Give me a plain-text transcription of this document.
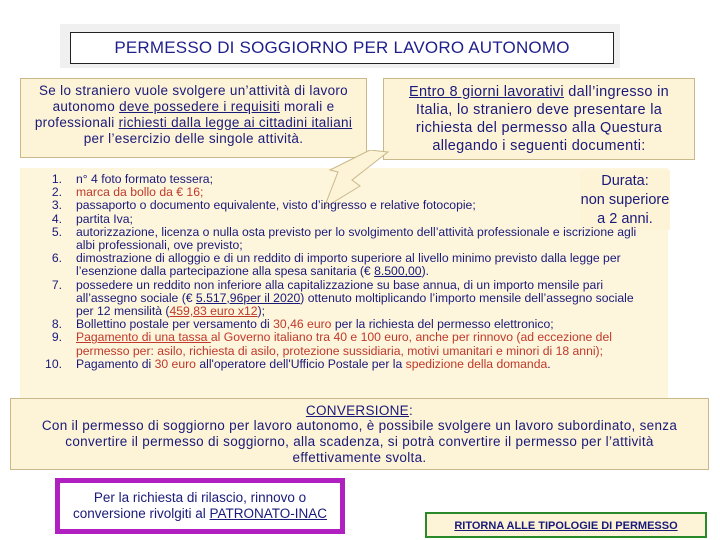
PERMESSO DI SOGGIORNO PER LAVORO AUTONOMO
Se lo straniero vuole svolgere un’attività di lavoro autonomo deve possedere i requisiti morali e professionali richiesti dalla legge ai cittadini italiani per l’esercizio delle singole attività.
Entro 8 giorni lavorativi dall’ingresso in Italia, lo straniero deve presentare la richiesta del permesso alla Questura allegando i seguenti documenti:
Durata:
non superiore
a 2 anni.
1. n° 4 foto formato tessera;
2. marca da bollo da € 16;
3. passaporto o documento equivalente, visto d’ingresso e relative fotocopie;
4. partita Iva;
5. autorizzazione, licenza o nulla osta previsto per lo svolgimento dell’attività professionale e iscrizione agli albi professionali, ove previsto;
6. dimostrazione di alloggio e di un reddito di importo superiore al livello minimo previsto dalla legge per l’esenzione dalla partecipazione alla spesa sanitaria (€ 8.500,00).
7. possedere un reddito non inferiore alla capitalizzazione su base annua, di un importo mensile pari all’assegno sociale (€ 5.517,96per il 2020) ottenuto moltiplicando l’importo mensile dell’assegno sociale per 12 mensilità (459,83 euro x12);
8. Bollettino postale per versamento di 30,46 euro per la richiesta del permesso elettronico;
9. Pagamento di una tassa al Governo italiano tra 40 e 100 euro, anche per rinnovo (ad eccezione del permesso per: asilo, richiesta di asilo, protezione sussidiaria, motivi umanitari e minori di 18 anni);
10. Pagamento di 30 euro all'operatore dell'Ufficio Postale per la spedizione della domanda.
CONVERSIONE:
Con il permesso di soggiorno per lavoro autonomo, è possibile svolgere un lavoro subordinato, senza convertire il permesso di soggiorno, alla scadenza, si potrà convertire il permesso per l’attività effettivamente svolta.
Per la richiesta di rilascio, rinnovo o
conversione rivolgiti al PATRONATO-INAC
RITORNA ALLE TIPOLOGIE DI PERMESSO
